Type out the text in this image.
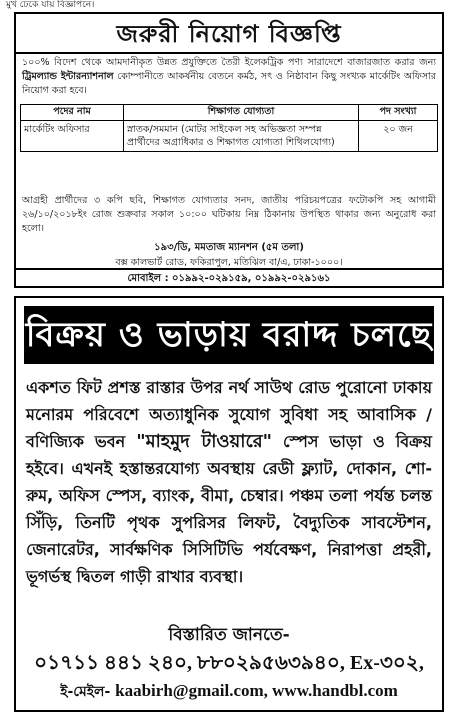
মুখ ঢেকে যায় বিজ্ঞাপনে।
জরুরী নিয়োগ বিজ্ঞপ্তি
১০০% বিদেশ থেকে আমদানীকৃত উন্নত প্রযুক্তিতে তৈরী ইলেকট্রিক পণ্য সারাদেশে বাজারজাত করার জন্য ট্রিমল্যান্ড ইন্টারন্যাশনাল কোম্পানীতে আকর্ষনীয় বেতনে কর্মঠ, সৎ ও নিষ্ঠাবান কিছু সংখ্যক মার্কেটিং অফিসার নিয়োগ করা হবে।
পদের নাম	শিক্ষাগত যোগ্যতা	পদ সংখ্যা
মার্কেটিং অফিসার	স্নাতক/সমমান (মোটর সাইকেল সহ অভিজ্ঞতা সম্পন্ন প্রার্থীদের অগ্রাধিকার ও শিক্ষাগত যোগ্যতা শিথিলযোগ্য)	২০ জন
আগ্রহী প্রার্থীদের ৩ কপি ছবি, শিক্ষাগত যোগ্যতার সনদ, জাতীয় পরিচয়পত্রের ফটোকপি সহ আগামী ২৬/১০/২০১৮ইং রোজ শুক্রবার সকাল ১০:০০ ঘটিকায় নিম্ন ঠিকানায় উপস্থিত থাকার জন্য অনুরোধ করা হলো।
১৯৩/ডি, মমতাজ ম্যানশন (৫ম তলা)
বক্স কালভার্ট রোড, ফকিরাপুল, মতিঝিল বা/এ, ঢাকা-১০০০।
মোবাইল : ০১৯৯২-০২৯১৫৯, ০১৯৯২-০২৯১৬১
বিক্রয় ও ভাড়ায় বরাদ্দ চলছে
একশত ফিট প্রশস্ত রাস্তার উপর নর্থ সাউথ রোড পুরোনো ঢাকায় মনোরম পরিবেশে অত্যাধুনিক সুযোগ সুবিধা সহ আবাসিক / বণিজ্যিক ভবন "মাহমুদ টাওয়ারে" স্পেস ভাড়া ও বিক্রয় হইবে। এখনই হস্তান্তরযোগ্য অবস্থায় রেডী ফ্ল্যাট, দোকান, শো-রুম, অফিস স্পেস, ব্যাংক, বীমা, চেম্বার। পঞ্চম তলা পর্যন্ত চলন্ত সিঁড়ি, তিনটি পৃথক সুপরিসর লিফট, বৈদ্যুতিক সাবস্টেশন, জেনারেটর, সার্বক্ষণিক সিসিটিভি পর্যবেক্ষণ, নিরাপত্তা প্রহরী, ভূগর্ভস্থ দ্বিতল গাড়ী রাখার ব্যবস্থা।
বিস্তারিত জানতে-
০১৭১১ ৪৪১ ২৪০, ৮৮০২৯৫৬৩৯৪০, Ex-৩০২,
ই-মেইল- kaabirh@gmail.com, www.handbl.com
